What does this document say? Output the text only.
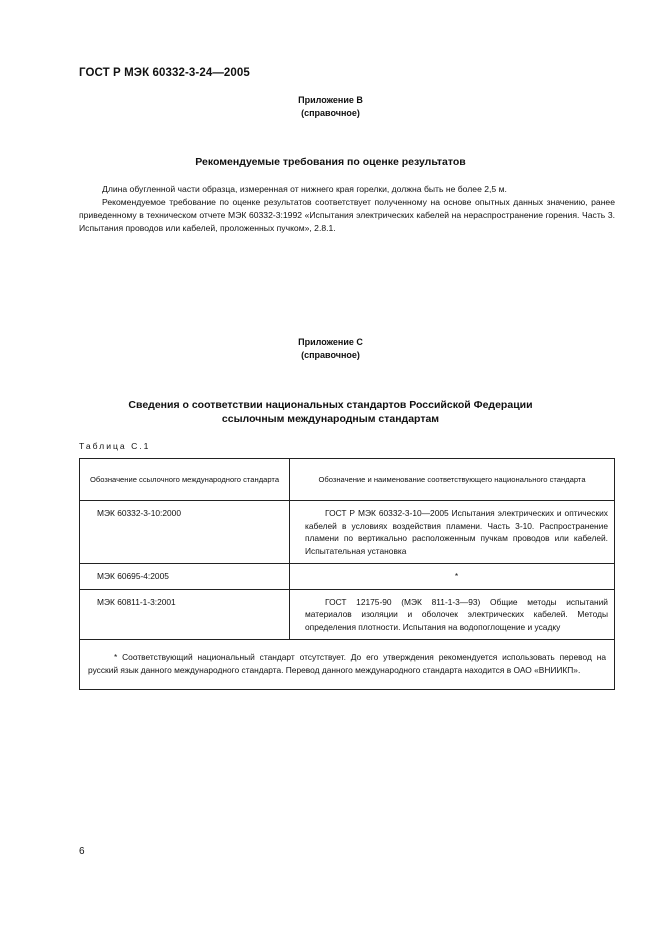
ГОСТ Р МЭК 60332-3-24—2005
Приложение В
(справочное)
Рекомендуемые требования по оценке результатов

Длина обугленной части образца, измеренная от нижнего края горелки, должна быть не более 2,5 м.

Рекомендуемое требование по оценке результатов соответствует полученному на основе опытных данных значению, ранее приведенному в техническом отчете МЭК 60332-3:1992 «Испытания электрических кабелей на нераспространение горения. Часть 3. Испытания проводов или кабелей, проложенных пучком», 2.8.1.

Приложение С
(справочное)
Сведения о соответствии национальных стандартов Российской Федерации
ссылочным международным стандартам
Таблица С.1
Обозначение ссылочного международного стандарта	Обозначение и наименование соответствующего национального стандарта
МЭК 60332-3-10:2000	ГОСТ Р МЭК 60332-3-10—2005 Испытания электрических и оптических кабелей в условиях воздействия пламени. Часть 3-10. Распространение пламени по вертикально расположенным пучкам проводов или кабелей. Испытательная установка

МЭК 60695-4:2005	*
МЭК 60811-1-3:2001	ГОСТ 12175-90 (МЭК 811-1-3—93) Общие методы испытаний материалов изоляции и оболочек электрических кабелей. Методы определения плотности. Испытания на водопоглощение и усадку

* Соответствующий национальный стандарт отсутствует. До его утверждения рекомендуется использовать перевод на русский язык данного международного стандарта. Перевод данного международного стандарта находится в ОАО «ВНИИКП».	
6
